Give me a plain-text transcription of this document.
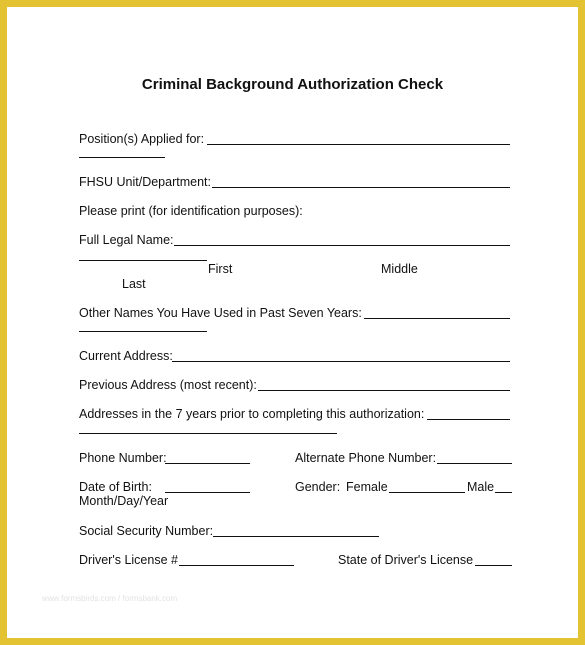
Criminal Background Authorization Check
Position(s) Applied for:
FHSU Unit/Department:
Please print (for identification purposes):
Full Legal Name:
First	Middle
Last
Other Names You Have Used in Past Seven Years:
Current Address:
Previous Address (most recent):
Addresses in the 7 years prior to completing this authorization:
Phone Number:	Alternate Phone Number:
Date of Birth:
Month/Day/Year
Gender: Female	Male
Social Security Number:
Driver's License #	State of Driver's License
www.formsbirds.com / formsbank.com
